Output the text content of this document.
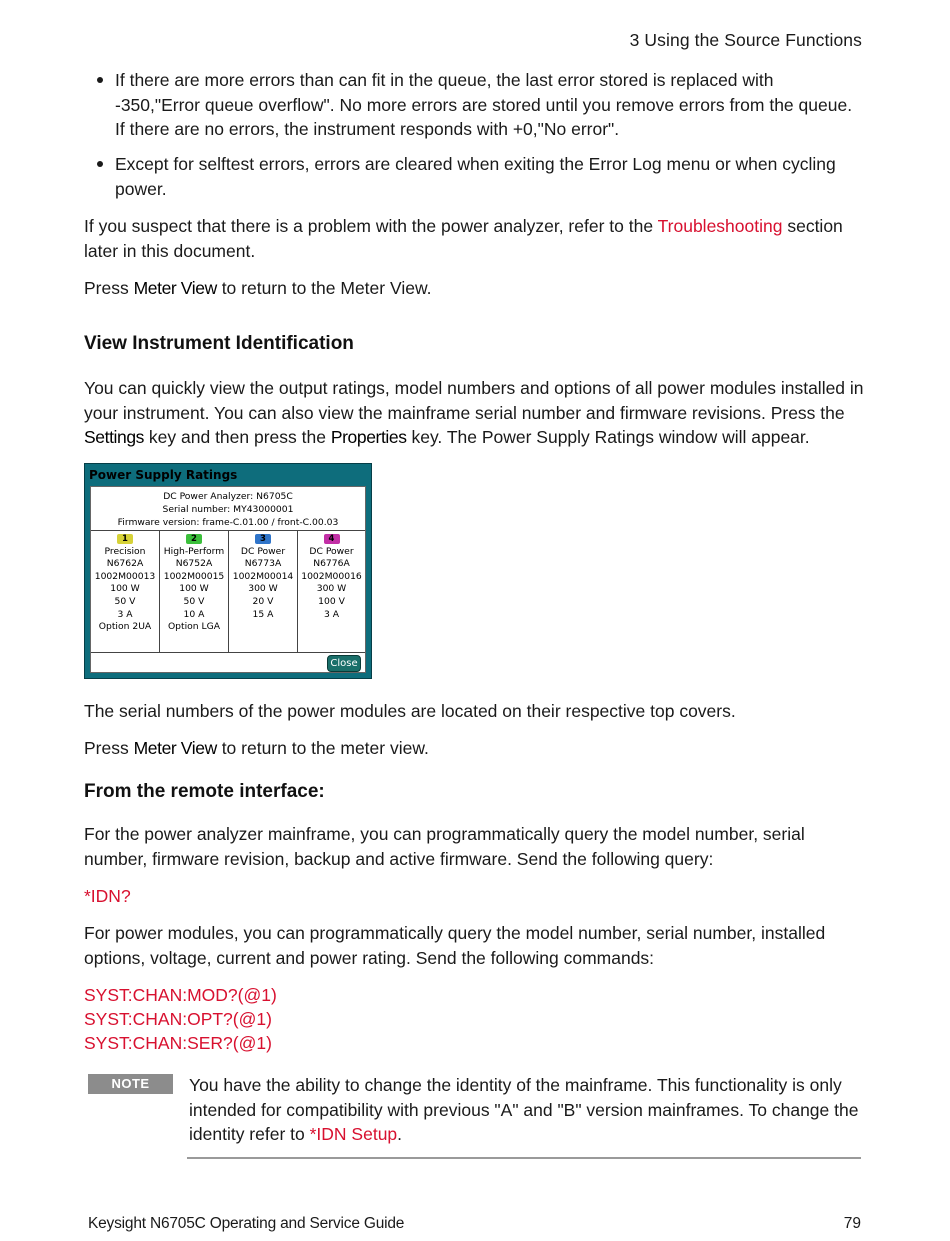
3 Using the Source Functions
If there are more errors than can fit in the queue, the last error stored is replaced with -350,"Error queue overflow". No more errors are stored until you remove errors from the queue. If there are no errors, the instrument responds with +0,"No error".
Except for selftest errors, errors are cleared when exiting the Error Log menu or when cycling power.
If you suspect that there is a problem with the power analyzer, refer to the Troubleshooting section later in this document.
Press Meter View to return to the Meter View.
View Instrument Identification
You can quickly view the output ratings, model numbers and options of all power modules installed in your instrument. You can also view the mainframe serial number and firmware revisions. Press the Settings key and then press the Properties key. The Power Supply Ratings window will appear.
Power Supply Ratings
DC Power Analyzer: N6705C
Serial number: MY43000001
Firmware version: frame-C.01.00 / front-C.00.03
1
Precision
N6762A
1002M00013
100 W
50 V
3 A
Option 2UA
2
High-Perform
N6752A
1002M00015
100 W
50 V
10 A
Option LGA
3
DC Power
N6773A
1002M00014
300 W
20 V
15 A
4
DC Power
N6776A
1002M00016
300 W
100 V
3 A
Close
The serial numbers of the power modules are located on their respective top covers.
Press Meter View to return to the meter view.
From the remote interface:
For the power analyzer mainframe, you can programmatically query the model number, serial number, firmware revision, backup and active firmware. Send the following query:
*IDN?
For power modules, you can programmatically query the model number, serial number, installed options, voltage, current and power rating. Send the following commands:
SYST:CHAN:MOD?(@1)
SYST:CHAN:OPT?(@1)
SYST:CHAN:SER?(@1)
NOTE	You have the ability to change the identity of the mainframe. This functionality is only intended for compatibility with previous "A" and "B" version mainframes. To change the identity refer to *IDN Setup.
Keysight N6705C Operating and Service Guide	79
